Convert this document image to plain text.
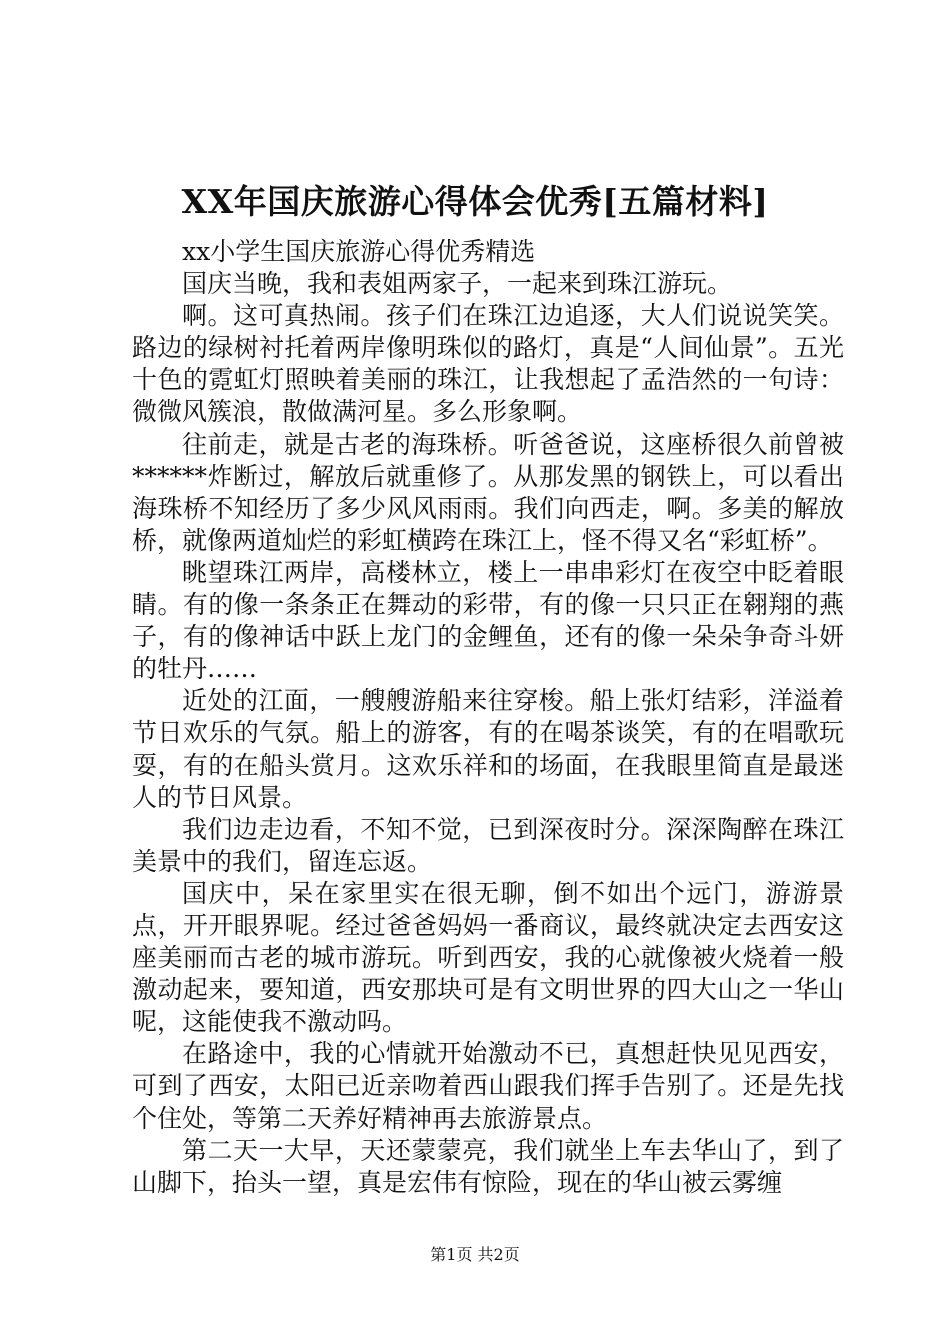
XX年国庆旅游心得体会优秀[五篇材料]

xx小学生国庆旅游心得优秀精选

国庆当晚，我和表姐两家子，一起来到珠江游玩。

啊。这可真热闹。孩子们在珠江边追逐，大人们说说笑笑。路边的绿树衬托着两岸像明珠似的路灯，真是“人间仙景”。五光十色的霓虹灯照映着美丽的珠江，让我想起了孟浩然的一句诗：微微风簇浪，散做满河星。多么形象啊。

往前走，就是古老的海珠桥。听爸爸说，这座桥很久前曾被******炸断过，解放后就重修了。从那发黑的钢铁上，可以看出海珠桥不知经历了多少风风雨雨。我们向西走，啊。多美的解放桥，就像两道灿烂的彩虹横跨在珠江上，怪不得又名“彩虹桥”。

眺望珠江两岸，高楼林立，楼上一串串彩灯在夜空中眨着眼睛。有的像一条条正在舞动的彩带，有的像一只只正在翱翔的燕子，有的像神话中跃上龙门的金鲤鱼，还有的像一朵朵争奇斗妍的牡丹……

近处的江面，一艘艘游船来往穿梭。船上张灯结彩，洋溢着节日欢乐的气氛。船上的游客，有的在喝茶谈笑，有的在唱歌玩耍，有的在船头赏月。这欢乐祥和的场面，在我眼里简直是最迷人的节日风景。

我们边走边看，不知不觉，已到深夜时分。深深陶醉在珠江美景中的我们，留连忘返。

国庆中，呆在家里实在很无聊，倒不如出个远门，游游景点，开开眼界呢。经过爸爸妈妈一番商议，最终就决定去西安这座美丽而古老的城市游玩。听到西安，我的心就像被火烧着一般激动起来，要知道，西安那块可是有文明世界的四大山之一华山呢，这能使我不激动吗。

在路途中，我的心情就开始激动不已，真想赶快见见西安，可到了西安，太阳已近亲吻着西山跟我们挥手告别了。还是先找个住处，等第二天养好精神再去旅游景点。

第二天一大早，天还蒙蒙亮，我们就坐上车去华山了，到了山脚下，抬头一望，真是宏伟有惊险，现在的华山被云雾缠

第1页 共2页
